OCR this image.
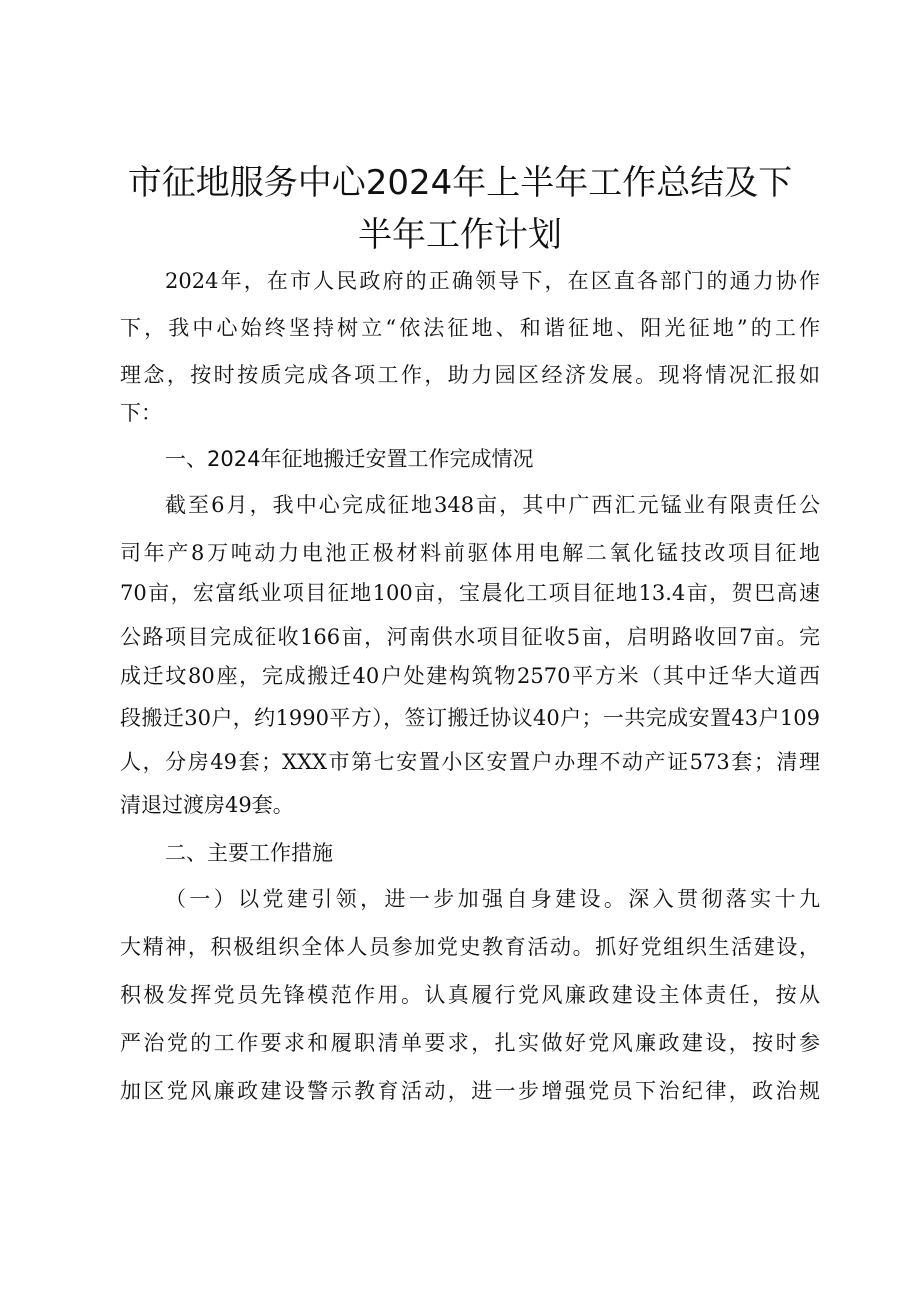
市征地服务中心2024年上半年工作总结及下
半年工作计划
2024年，在市人民政府的正确领导下，在区直各部门的通力协作
下，我中心始终坚持树立“依法征地、和谐征地、阳光征地”的工作
理念，按时按质完成各项工作，助力园区经济发展。现将情况汇报如
下：
一、2024年征地搬迁安置工作完成情况
截至6月，我中心完成征地348亩，其中广西汇元锰业有限责任公
司年产8万吨动力电池正极材料前驱体用电解二氧化锰技改项目征地
70亩，宏富纸业项目征地100亩，宝晨化工项目征地13.4亩，贺巴高速
公路项目完成征收166亩，河南供水项目征收5亩，启明路收回7亩。完
成迁坟80座，完成搬迁40户处建构筑物2570平方米（其中迁华大道西
段搬迁30户，约1990平方），签订搬迁协议40户；一共完成安置43户109
人，分房49套；XXX市第七安置小区安置户办理不动产证573套；清理
清退过渡房49套。
二、主要工作措施
（一）以党建引领，进一步加强自身建设。深入贯彻落实十九
大精神，积极组织全体人员参加党史教育活动。抓好党组织生活建设，
积极发挥党员先锋模范作用。认真履行党风廉政建设主体责任，按从
严治党的工作要求和履职清单要求，扎实做好党风廉政建设，按时参
加区党风廉政建设警示教育活动，进一步增强党员下治纪律，政治规
